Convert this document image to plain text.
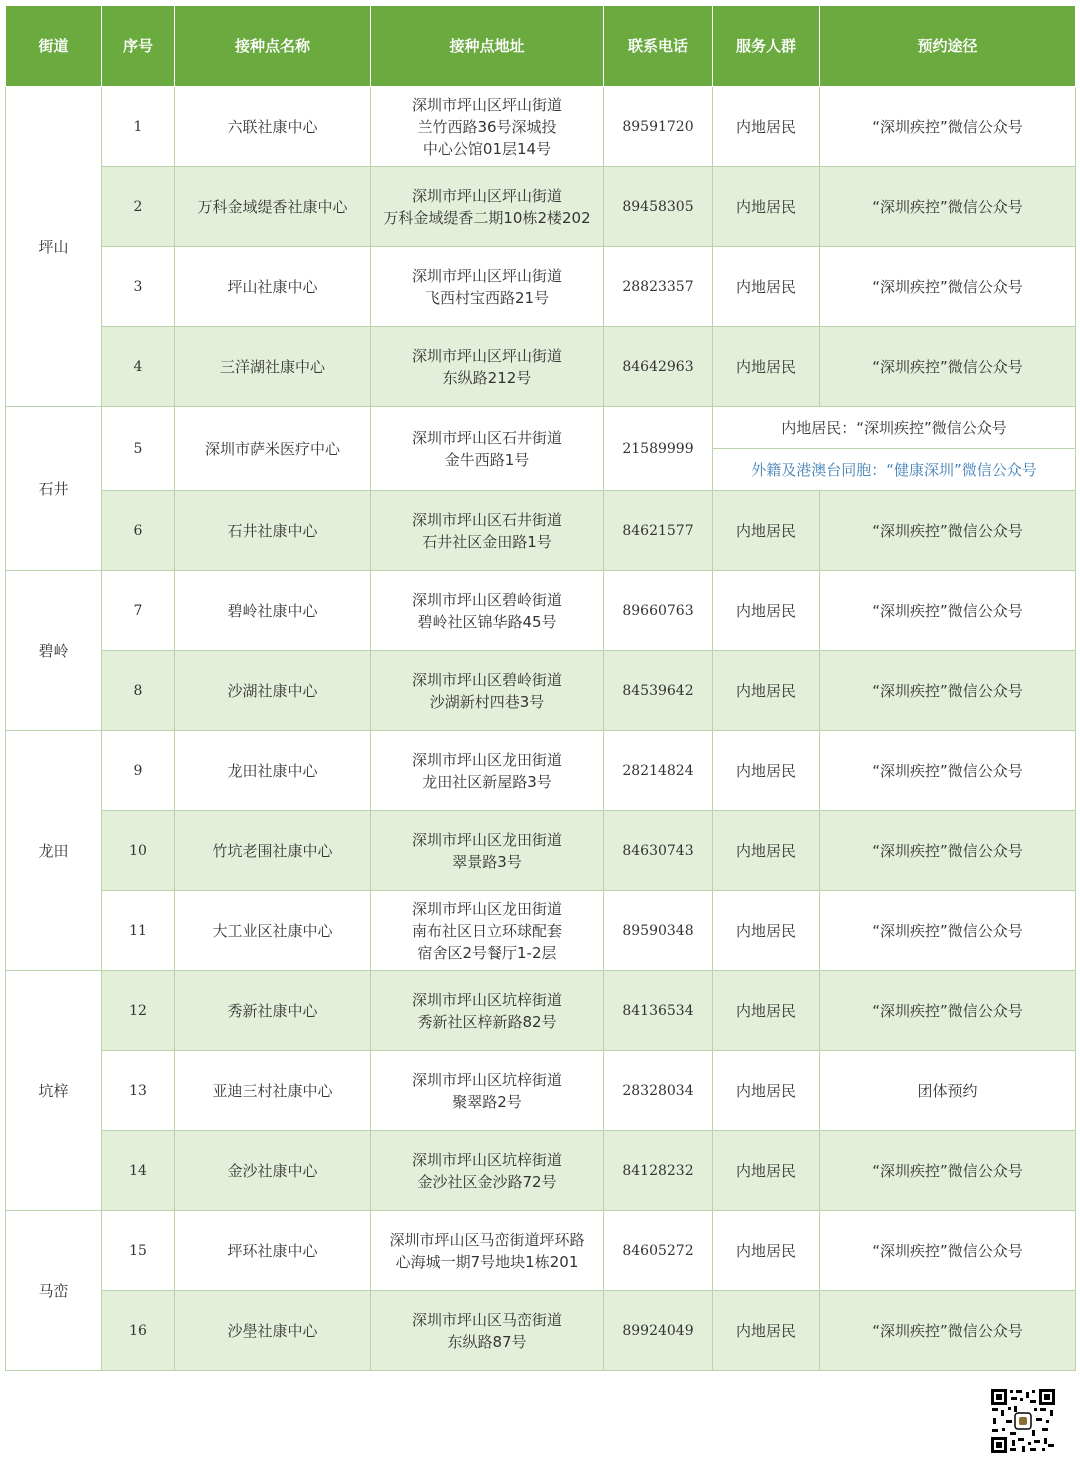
街道	序号	接种点名称	接种点地址	联系电话	服务人群	预约途径
坪山	1	六联社康中心	深圳市坪山区坪山街道
兰竹西路36号深城投
中心公馆01层14号	89591720	内地居民	“深圳疾控”微信公众号
	2	万科金域缇香社康中心	深圳市坪山区坪山街道
万科金域缇香二期10栋2楼202	89458305	内地居民	“深圳疾控”微信公众号
	3	坪山社康中心	深圳市坪山区坪山街道
飞西村宝西路21号	28823357	内地居民	“深圳疾控”微信公众号
	4	三洋湖社康中心	深圳市坪山区坪山街道
东纵路212号	84642963	内地居民	“深圳疾控”微信公众号
石井	5	深圳市萨米医疗中心	深圳市坪山区石井街道
金牛西路1号	21589999	内地居民：“深圳疾控”微信公众号	
					外籍及港澳台同胞：“健康深圳”微信公众号	
	6	石井社康中心	深圳市坪山区石井街道
石井社区金田路1号	84621577	内地居民	“深圳疾控”微信公众号
碧岭	7	碧岭社康中心	深圳市坪山区碧岭街道
碧岭社区锦华路45号	89660763	内地居民	“深圳疾控”微信公众号
	8	沙湖社康中心	深圳市坪山区碧岭街道
沙湖新村四巷3号	84539642	内地居民	“深圳疾控”微信公众号
龙田	9	龙田社康中心	深圳市坪山区龙田街道
龙田社区新屋路3号	28214824	内地居民	“深圳疾控”微信公众号
	10	竹坑老围社康中心	深圳市坪山区龙田街道
翠景路3号	84630743	内地居民	“深圳疾控”微信公众号
	11	大工业区社康中心	深圳市坪山区龙田街道
南布社区日立环球配套
宿舍区2号餐厅1-2层	89590348	内地居民	“深圳疾控”微信公众号
坑梓	12	秀新社康中心	深圳市坪山区坑梓街道
秀新社区梓新路82号	84136534	内地居民	“深圳疾控”微信公众号
	13	亚迪三村社康中心	深圳市坪山区坑梓街道
聚翠路2号	28328034	内地居民	团体预约
	14	金沙社康中心	深圳市坪山区坑梓街道
金沙社区金沙路72号	84128232	内地居民	“深圳疾控”微信公众号
马峦	15	坪环社康中心	深圳市坪山区马峦街道坪环路
心海城一期7号地块1栋201	84605272	内地居民	“深圳疾控”微信公众号
	16	沙壆社康中心	深圳市坪山区马峦街道
东纵路87号	89924049	内地居民	“深圳疾控”微信公众号
